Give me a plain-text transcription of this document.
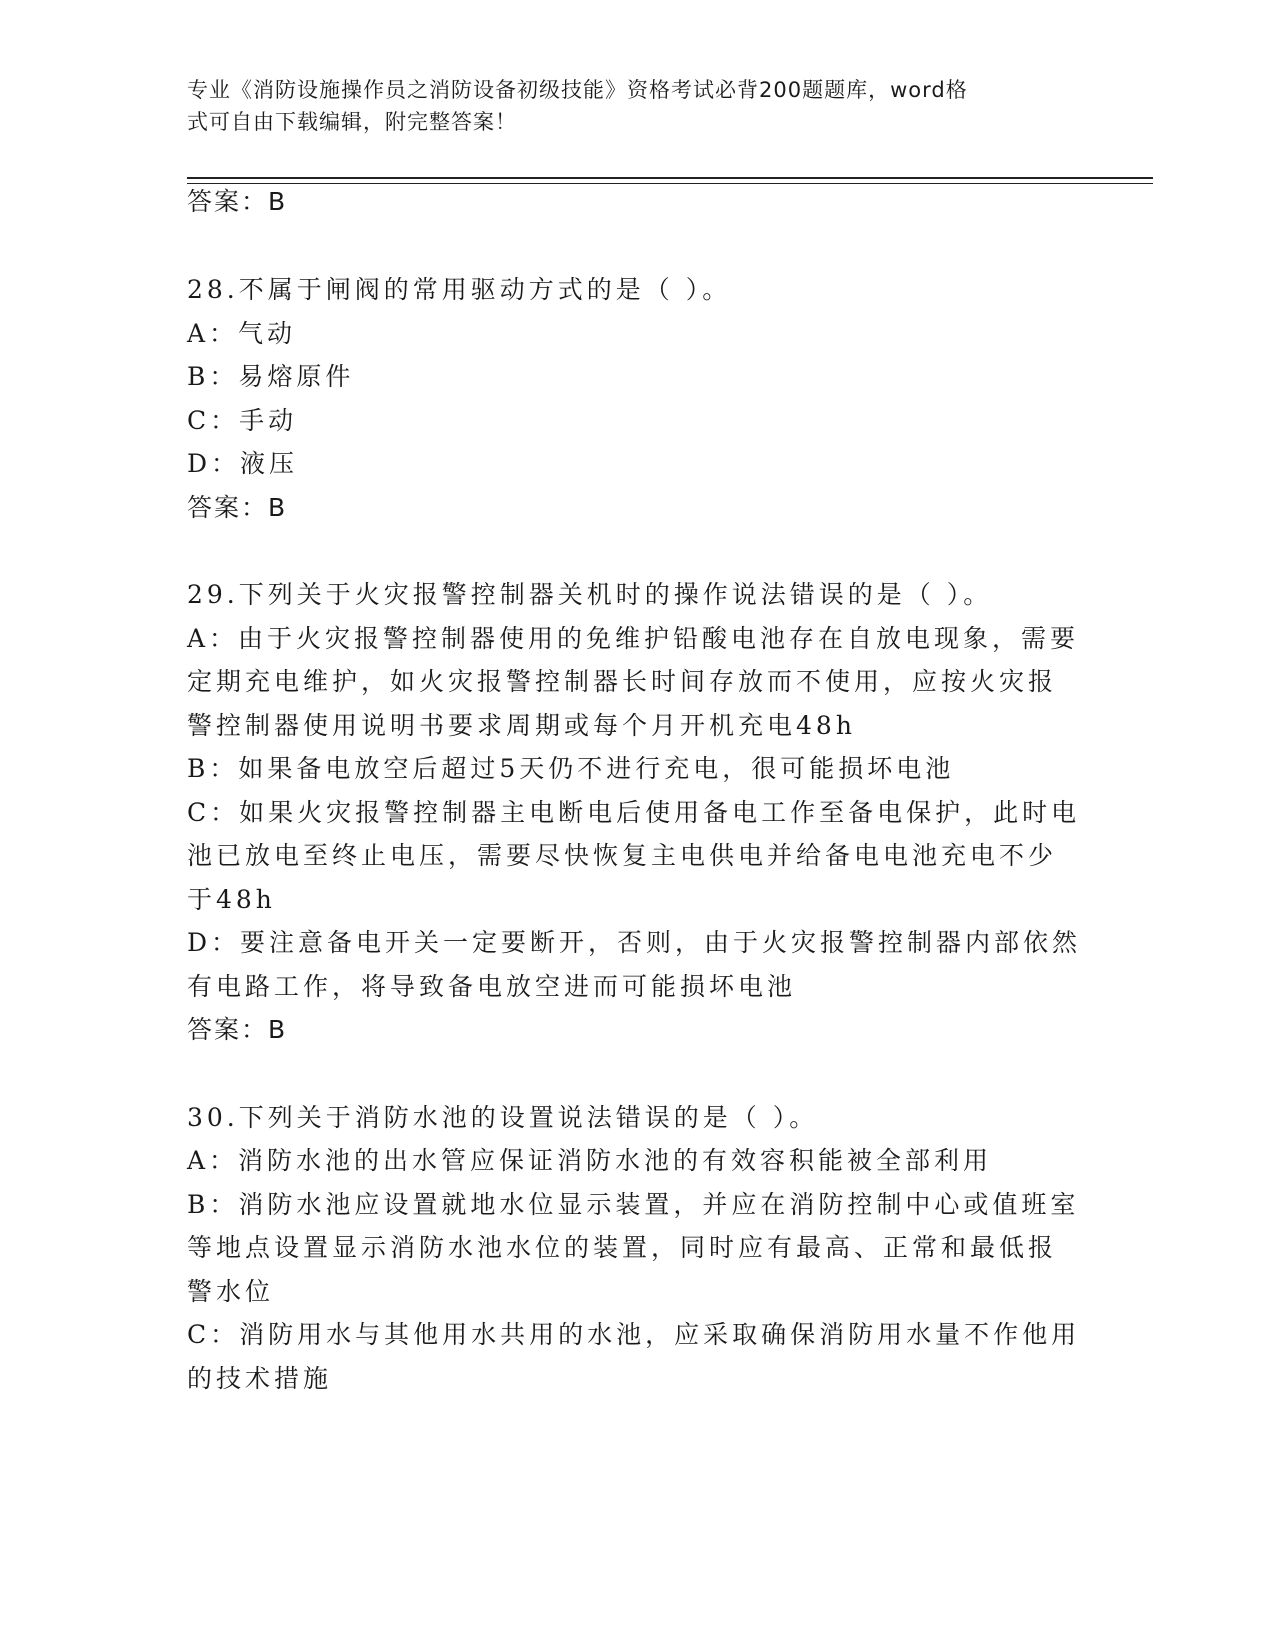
专业《消防设施操作员之消防设备初级技能》资格考试必背200题题库，word格
式可自由下载编辑，附完整答案！
答案：B
28.不属于闸阀的常用驱动方式的是（ ）。
A：气动
B：易熔原件
C：手动
D：液压
答案：B
29.下列关于火灾报警控制器关机时的操作说法错误的是（ ）。
A：由于火灾报警控制器使用的免维护铅酸电池存在自放电现象，需要
定期充电维护，如火灾报警控制器长时间存放而不使用，应按火灾报
警控制器使用说明书要求周期或每个月开机充电48h
B：如果备电放空后超过5天仍不进行充电，很可能损坏电池
C：如果火灾报警控制器主电断电后使用备电工作至备电保护，此时电
池已放电至终止电压，需要尽快恢复主电供电并给备电电池充电不少
于48h
D：要注意备电开关一定要断开，否则，由于火灾报警控制器内部依然
有电路工作，将导致备电放空进而可能损坏电池
答案：B
30.下列关于消防水池的设置说法错误的是（ ）。
A：消防水池的出水管应保证消防水池的有效容积能被全部利用
B：消防水池应设置就地水位显示装置，并应在消防控制中心或值班室
等地点设置显示消防水池水位的装置，同时应有最高、正常和最低报
警水位
C：消防用水与其他用水共用的水池，应采取确保消防用水量不作他用
的技术措施
